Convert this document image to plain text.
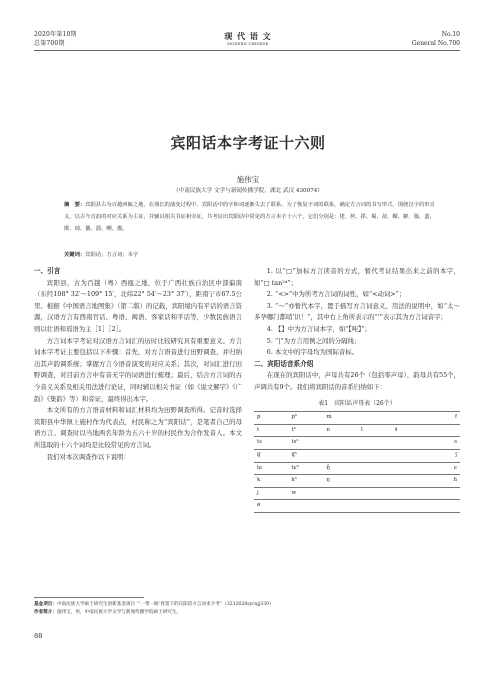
2020年第10期
总第700期
现 代 语 文
MODERN CHINESE
No.10
General No.700
宾阳话本字考证十六则
施伟宝
（中南民族大学 文学与新闻传播学院，湖北 武汉 430074）
摘　要：宾阳县古为百越西瓯之地，在漫长的演变过程中，宾阳话中的字和词逐渐失去了联系，为了恢复字词的联系，确定方言词的书写形式，围绕汉字的形音义，以古今音韵的对应关系为主证，并辅以相关书证和旁证，共考证出宾阳话中常见的方言本字十六个，它们分别是：佬、挎、搽、蜀、敁、鞣、擗、蔃、蜚、揿、焯、搋、溜、嗍、靓。
关键词：宾阳话；方言词；本字
一、引言

宾阳县，古为百越（粤）西瓯之地，位于广西壮族自治区中部偏南（东经108° 32′～109° 15′，北纬22° 54′～23° 37′），距南宁市67.5公里。根据《中国语言地图集》（第二版）的记载，宾阳境内有平话的语言资源，汉语方言有西南官话、粤语、闽语、客家话和平话等，少数民族语言则以壮语和瑶语为主［1］［2］。

方言词本字考证对汉语方言词汇的历时比较研究具有重要意义。方言词本字考证主要包括以下步骤：首先，对方言语音进行田野调查，并归纳出其声韵调系统；掌握方言今语音演变的对应关系；其次，对词汇进行田野调查，对目前方言中有音无字的词语进行梳理；最后，结合方言词的古今音义关系及相关用法进行论证，同时辅以相关书证（如《说文解字》《广韵》《集韵》等）和旁证，最终得出本字。

本文所有的方言语音材料和词汇材料均为田野调查所得。记音时选择宾阳县中华镇上施村作为代表点，村民称之为“宾阳话”，是笔者自己的母语方言。调查时以当地两名年龄为五六十岁的村民作为合作发音人。本文所选取的十六个词均是比较常见的方言词。

我们对本次调查作以下说明：

1. 以“□”加标方言读音的方式，暂代考证结果出来之前的本字，如“□ tan²⁴”；

2. “<>”中为所考方言词的词性，如“<动词>”；

3. “～”亦暂代本字，置于描写方言词意义、用法的说明中，如“太～多孕哪门都哨’识！”，其中右上角所表示的“’”表示其为方言词音字；

4. 【】中为方言词本字，如“【吨】”；

5. “|”为方言用例之间的分隔线；

6. 本文中的字母均为国际音标。

二、宾阳话音系介绍

在现在的宾阳话中，声母共有26个（包括零声母），韵母共有55个，声调共有9个。我们将宾阳话的音系归纳如下：

表1　宾阳话声母表（26个）
p	pʰ	m			f
t	tʰ	n	l	ɬ	
ts	tsʰ				s
ʧ	ʧʰ				ʃ
tɕ	tɕʰ	ŋ̊			ɕ
k	kʰ	ŋ			h
j	w				
ø					
基金项目：中南民族大学硕士研究生创新基金项目 “‘一带一路’背景下的宾阳话方言词本字考”（3212020sycxjj330）
作者简介：施伟宝，男，中南民族大学文学与新闻传播学院硕士研究生。
88
